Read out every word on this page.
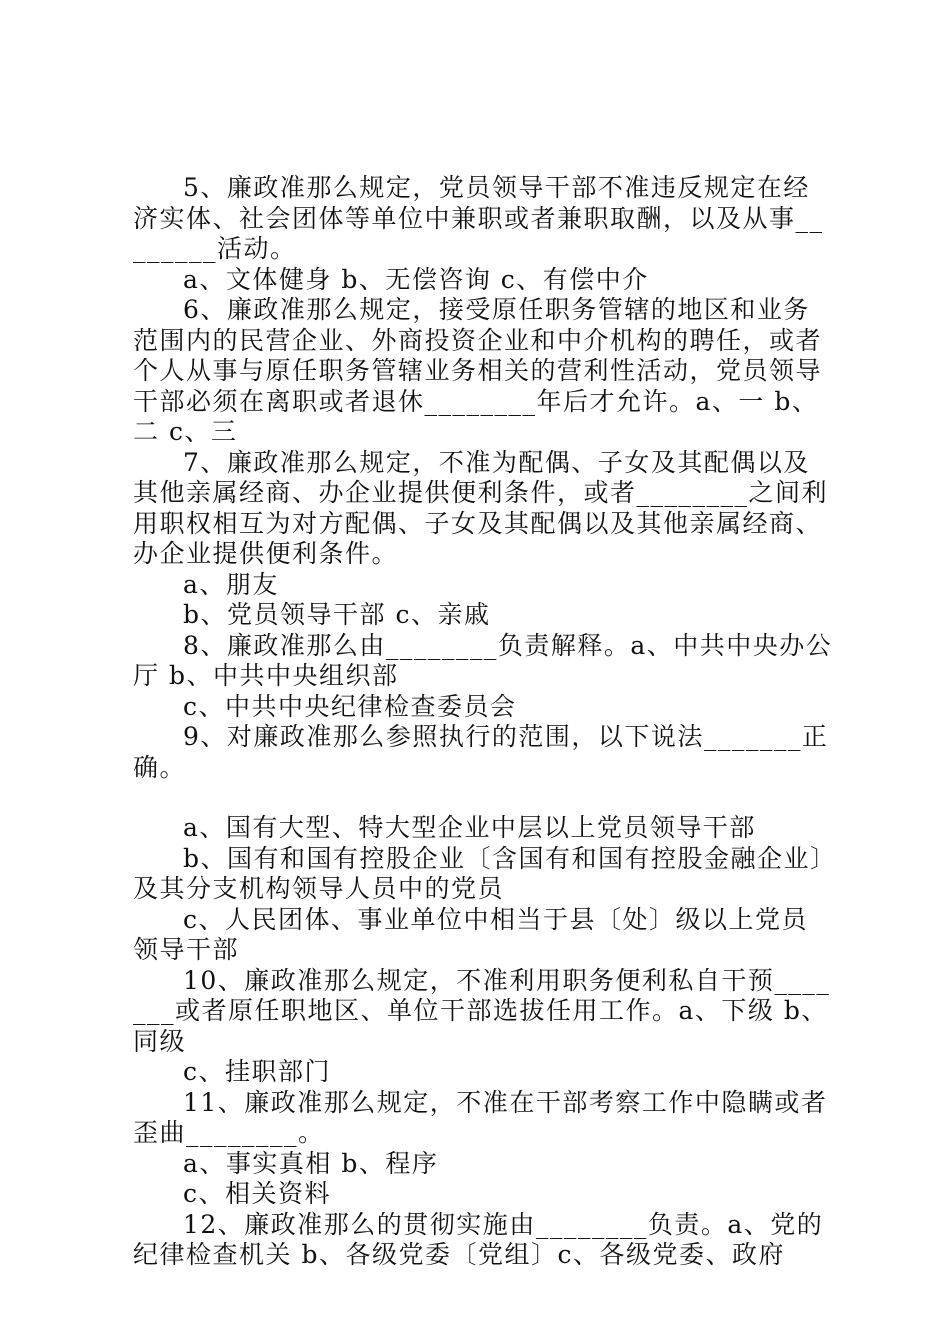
5、廉政准那么规定，党员领导干部不准违反规定在经济实体、社会团体等单位中兼职或者兼职取酬，以及从事________活动。

a、文体健身 b、无偿咨询 c、有偿中介

6、廉政准那么规定，接受原任职务管辖的地区和业务范围内的民营企业、外商投资企业和中介机构的聘任，或者个人从事与原任职务管辖业务相关的营利性活动，党员领导干部必须在离职或者退休________年后才允许。a、一 b、二 c、三

7、廉政准那么规定，不准为配偶、子女及其配偶以及其他亲属经商、办企业提供便利条件，或者________之间利用职权相互为对方配偶、子女及其配偶以及其他亲属经商、办企业提供便利条件。

a、朋友

b、党员领导干部 c、亲戚

8、廉政准那么由________负责解释。a、中共中央办公厅 b、中共中央组织部

c、中共中央纪律检查委员会

9、对廉政准那么参照执行的范围，以下说法_______正确。

a、国有大型、特大型企业中层以上党员领导干部

b、国有和国有控股企业〔含国有和国有控股金融企业〕及其分支机构领导人员中的党员

c、人民团体、事业单位中相当于县〔处〕级以上党员领导干部

10、廉政准那么规定，不准利用职务便利私自干预_______或者原任职地区、单位干部选拔任用工作。a、下级 b、同级

c、挂职部门

11、廉政准那么规定，不准在干部考察工作中隐瞒或者歪曲________。

a、事实真相 b、程序

c、相关资料

12、廉政准那么的贯彻实施由________负责。a、党的纪律检查机关 b、各级党委〔党组〕c、各级党委、政府
